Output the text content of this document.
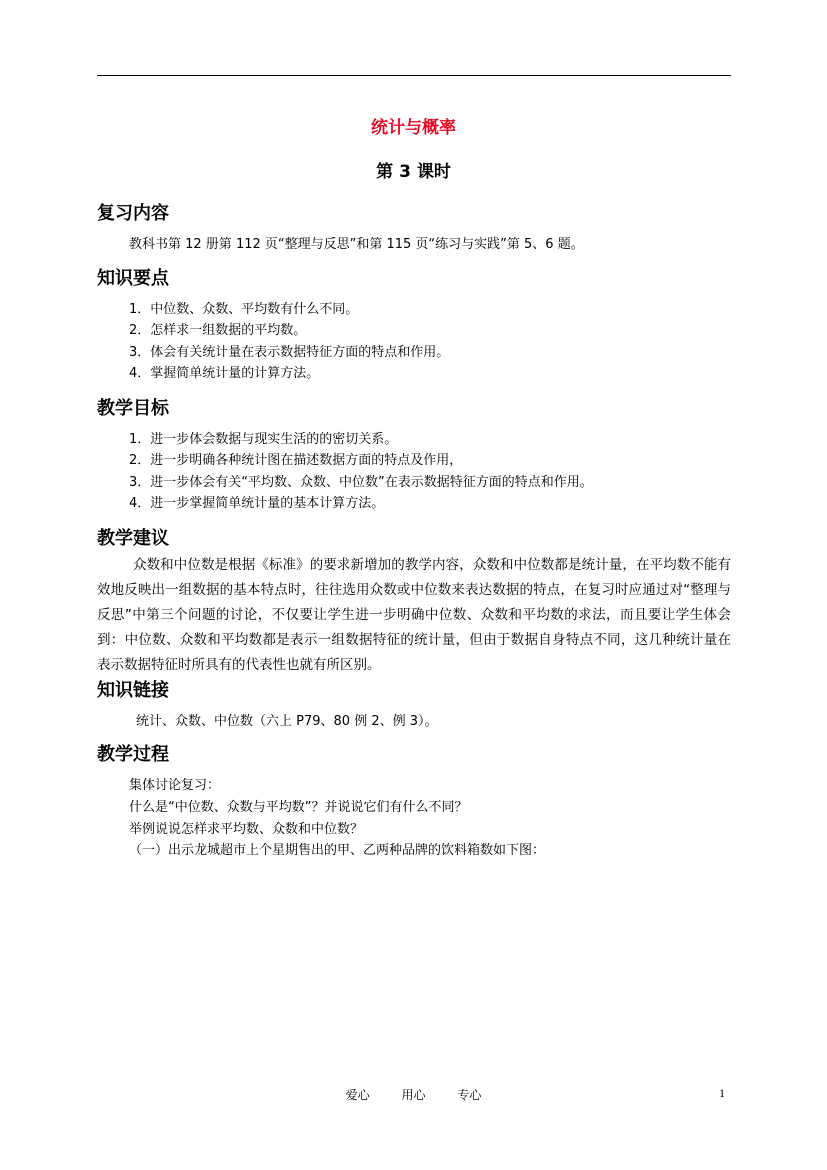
统计与概率
第 3 课时
复习内容
教科书第 12 册第 112 页“整理与反思”和第 115 页“练习与实践”第 5、6 题。
知识要点
1．中位数、众数、平均数有什么不同。
2．怎样求一组数据的平均数。
3．体会有关统计量在表示数据特征方面的特点和作用。
4．掌握简单统计量的计算方法。
教学目标
1．进一步体会数据与现实生活的的密切关系。
2．进一步明确各种统计图在描述数据方面的特点及作用，
3．进一步体会有关“平均数、众数、中位数”在表示数据特征方面的特点和作用。
4．进一步掌握简单统计量的基本计算方法。
教学建议
众数和中位数是根据《标准》的要求新增加的教学内容，众数和中位数都是统计量，在平均数不能有效地反映出一组数据的基本特点时，往往选用众数或中位数来表达数据的特点，在复习时应通过对“整理与反思”中第三个问题的讨论，不仅要让学生进一步明确中位数、众数和平均数的求法，而且要让学生体会到：中位数、众数和平均数都是表示一组数据特征的统计量，但由于数据自身特点不同，这几种统计量在表示数据特征时所具有的代表性也就有所区别。
知识链接
统计、众数、中位数（六上 P79、80 例 2、例 3）。
教学过程
集体讨论复习：
什么是“中位数、众数与平均数”？并说说它们有什么不同？
举例说说怎样求平均数、众数和中位数？
（一）出示龙城超市上个星期售出的甲、乙两种品牌的饮料箱数如下图：
爱心	用心	专心	1
